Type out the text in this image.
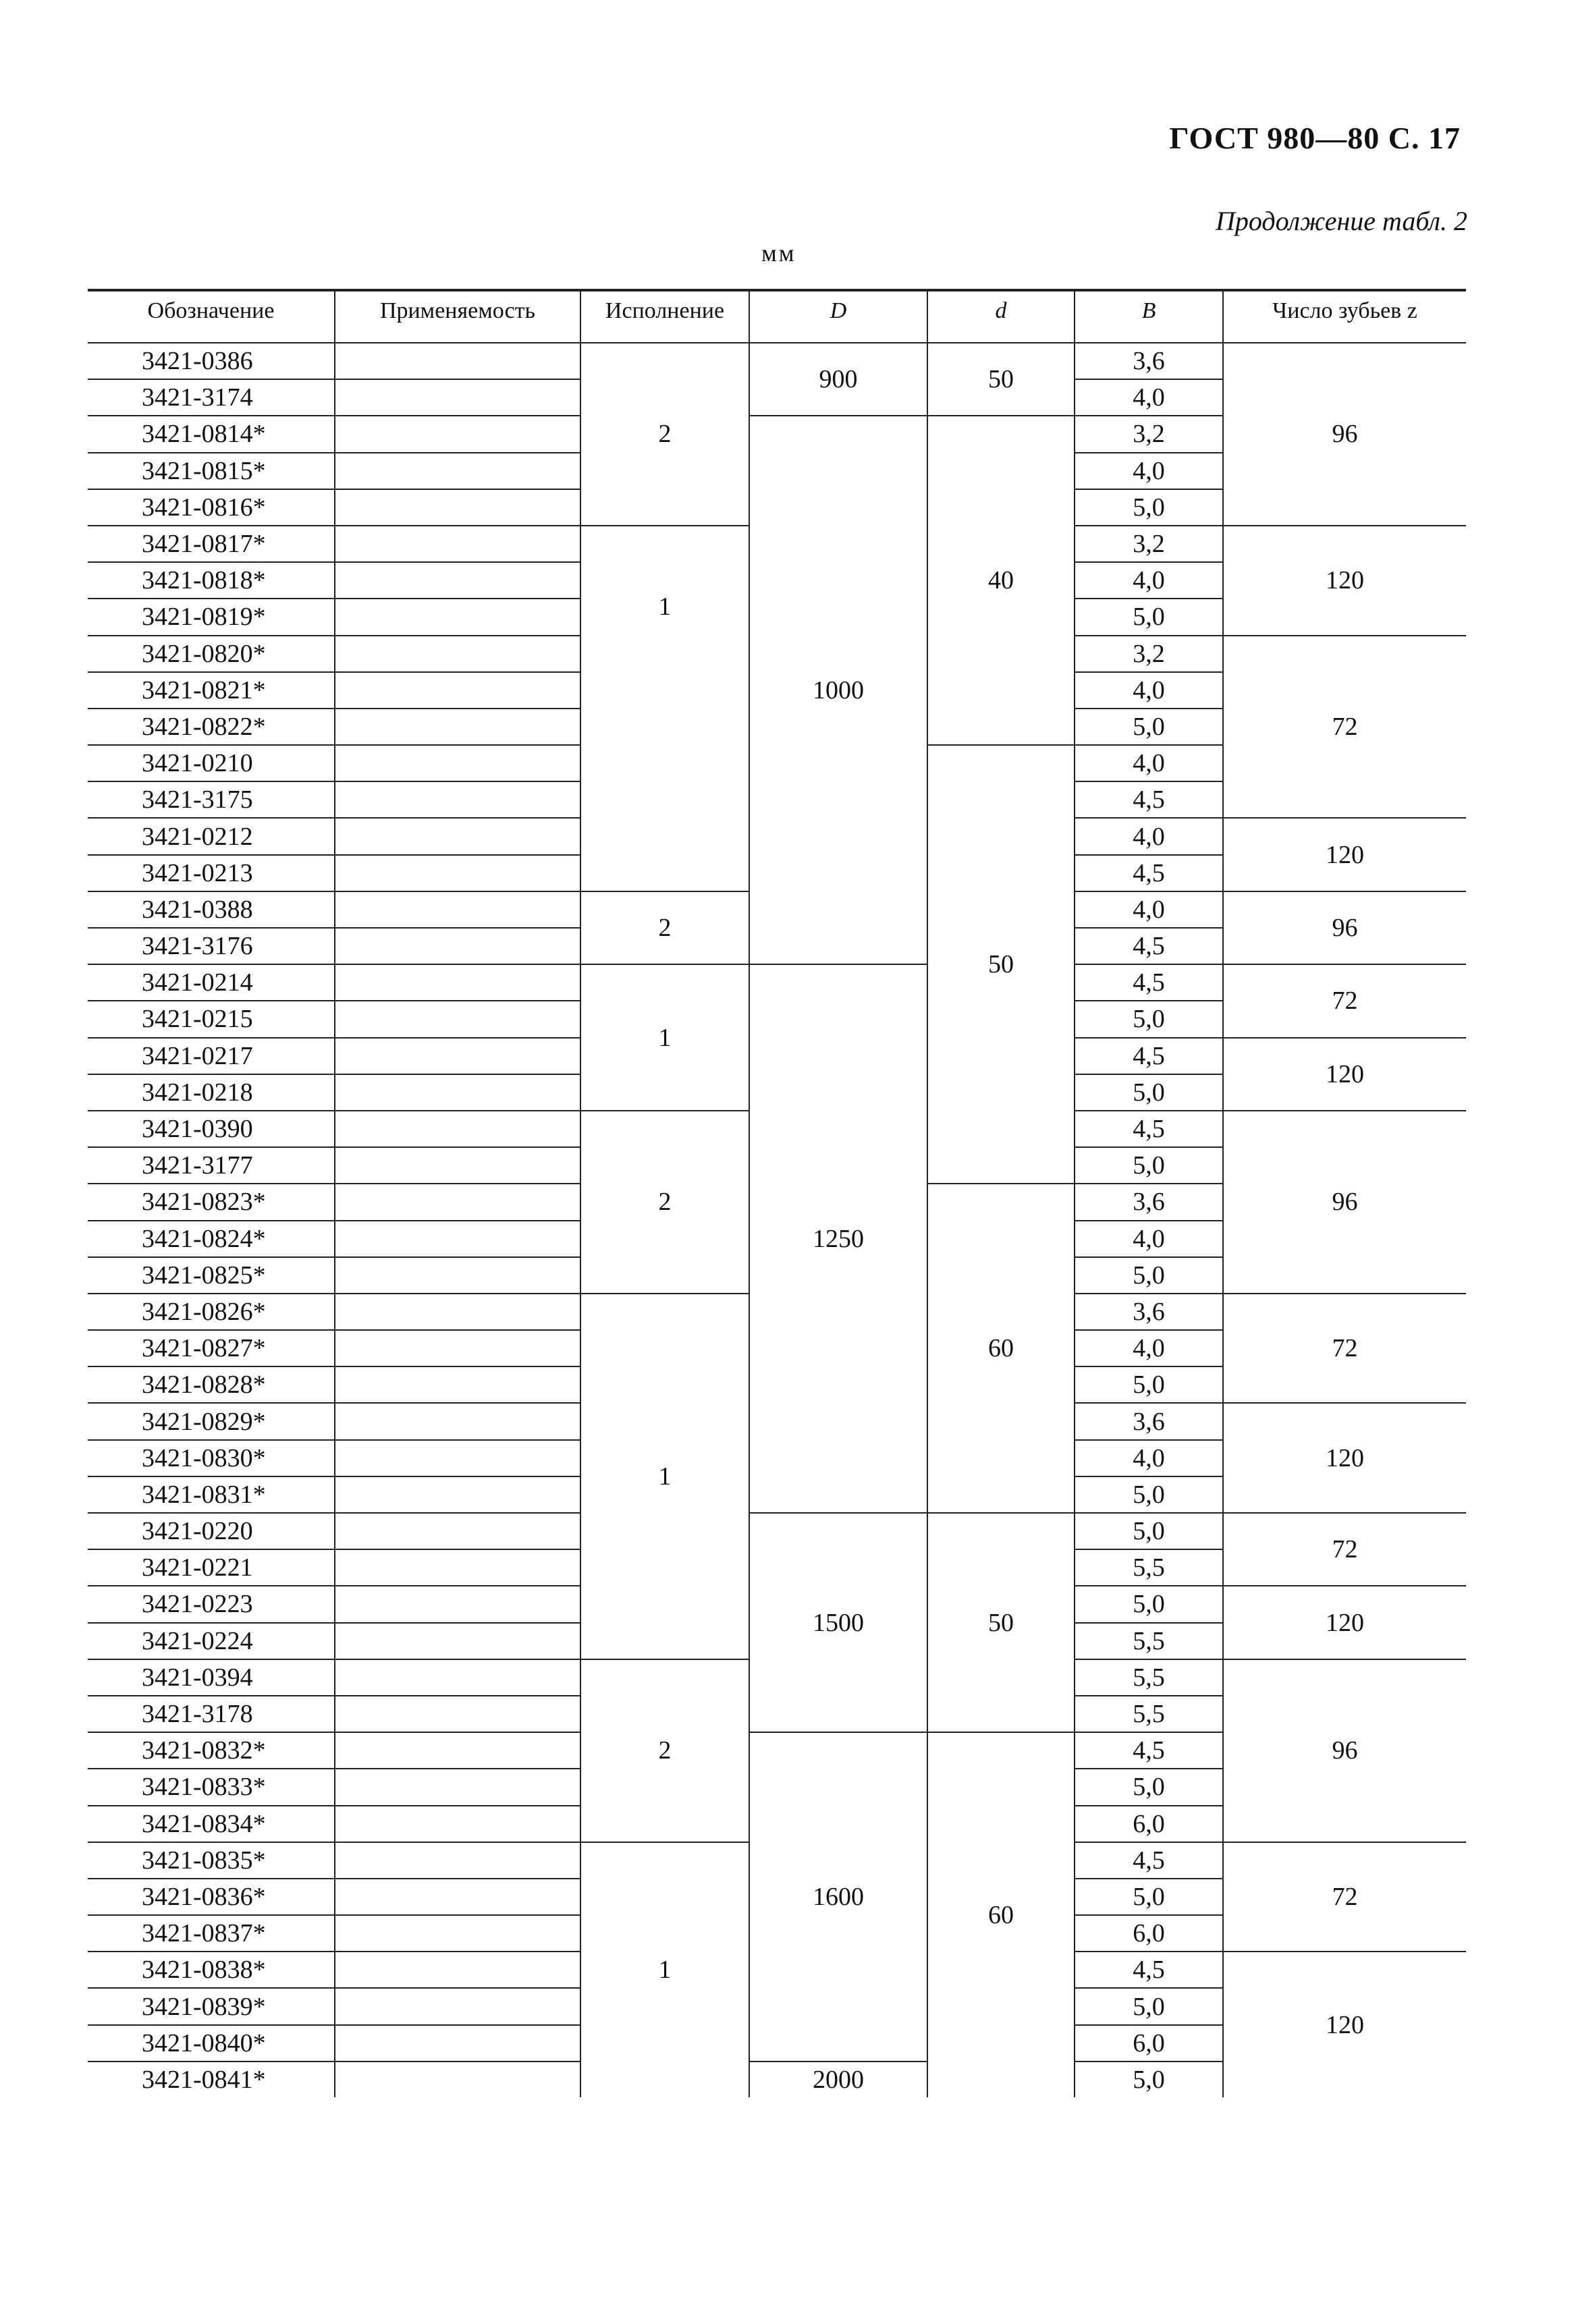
ГОСТ 980—80 С. 17
Продолжение табл. 2
мм
Обозначение	Применяемость	Исполнение	D	d	B	Число зубьев z
3421-0386		2	900	50	3,6	96
3421-3174					4,0	
3421-0814*			1000	40	3,2	
3421-0815*					4,0	
3421-0816*					5,0	
3421-0817*		1			3,2	120
3421-0818*					4,0	
3421-0819*					5,0	
3421-0820*					3,2	72
3421-0821*					4,0	
3421-0822*					5,0	
3421-0210				50	4,0	
3421-3175					4,5	
3421-0212					4,0	120
3421-0213					4,5	
3421-0388		2			4,0	96
3421-3176					4,5	
3421-0214		1	1250		4,5	72
3421-0215					5,0	
3421-0217					4,5	120
3421-0218					5,0	
3421-0390		2			4,5	96
3421-3177					5,0	
3421-0823*				60	3,6	
3421-0824*					4,0	
3421-0825*					5,0	
3421-0826*		1			3,6	72
3421-0827*					4,0	
3421-0828*					5,0	
3421-0829*					3,6	120
3421-0830*					4,0	
3421-0831*					5,0	
3421-0220			1500	50	5,0	72
3421-0221					5,5	
3421-0223					5,0	120
3421-0224					5,5	
3421-0394		2			5,5	96
3421-3178					5,5	
3421-0832*			1600	60	4,5	
3421-0833*					5,0	
3421-0834*					6,0	
3421-0835*		1			4,5	72
3421-0836*					5,0	
3421-0837*					6,0	
3421-0838*					4,5	120
3421-0839*					5,0	
3421-0840*					6,0	
3421-0841*			2000		5,0	
